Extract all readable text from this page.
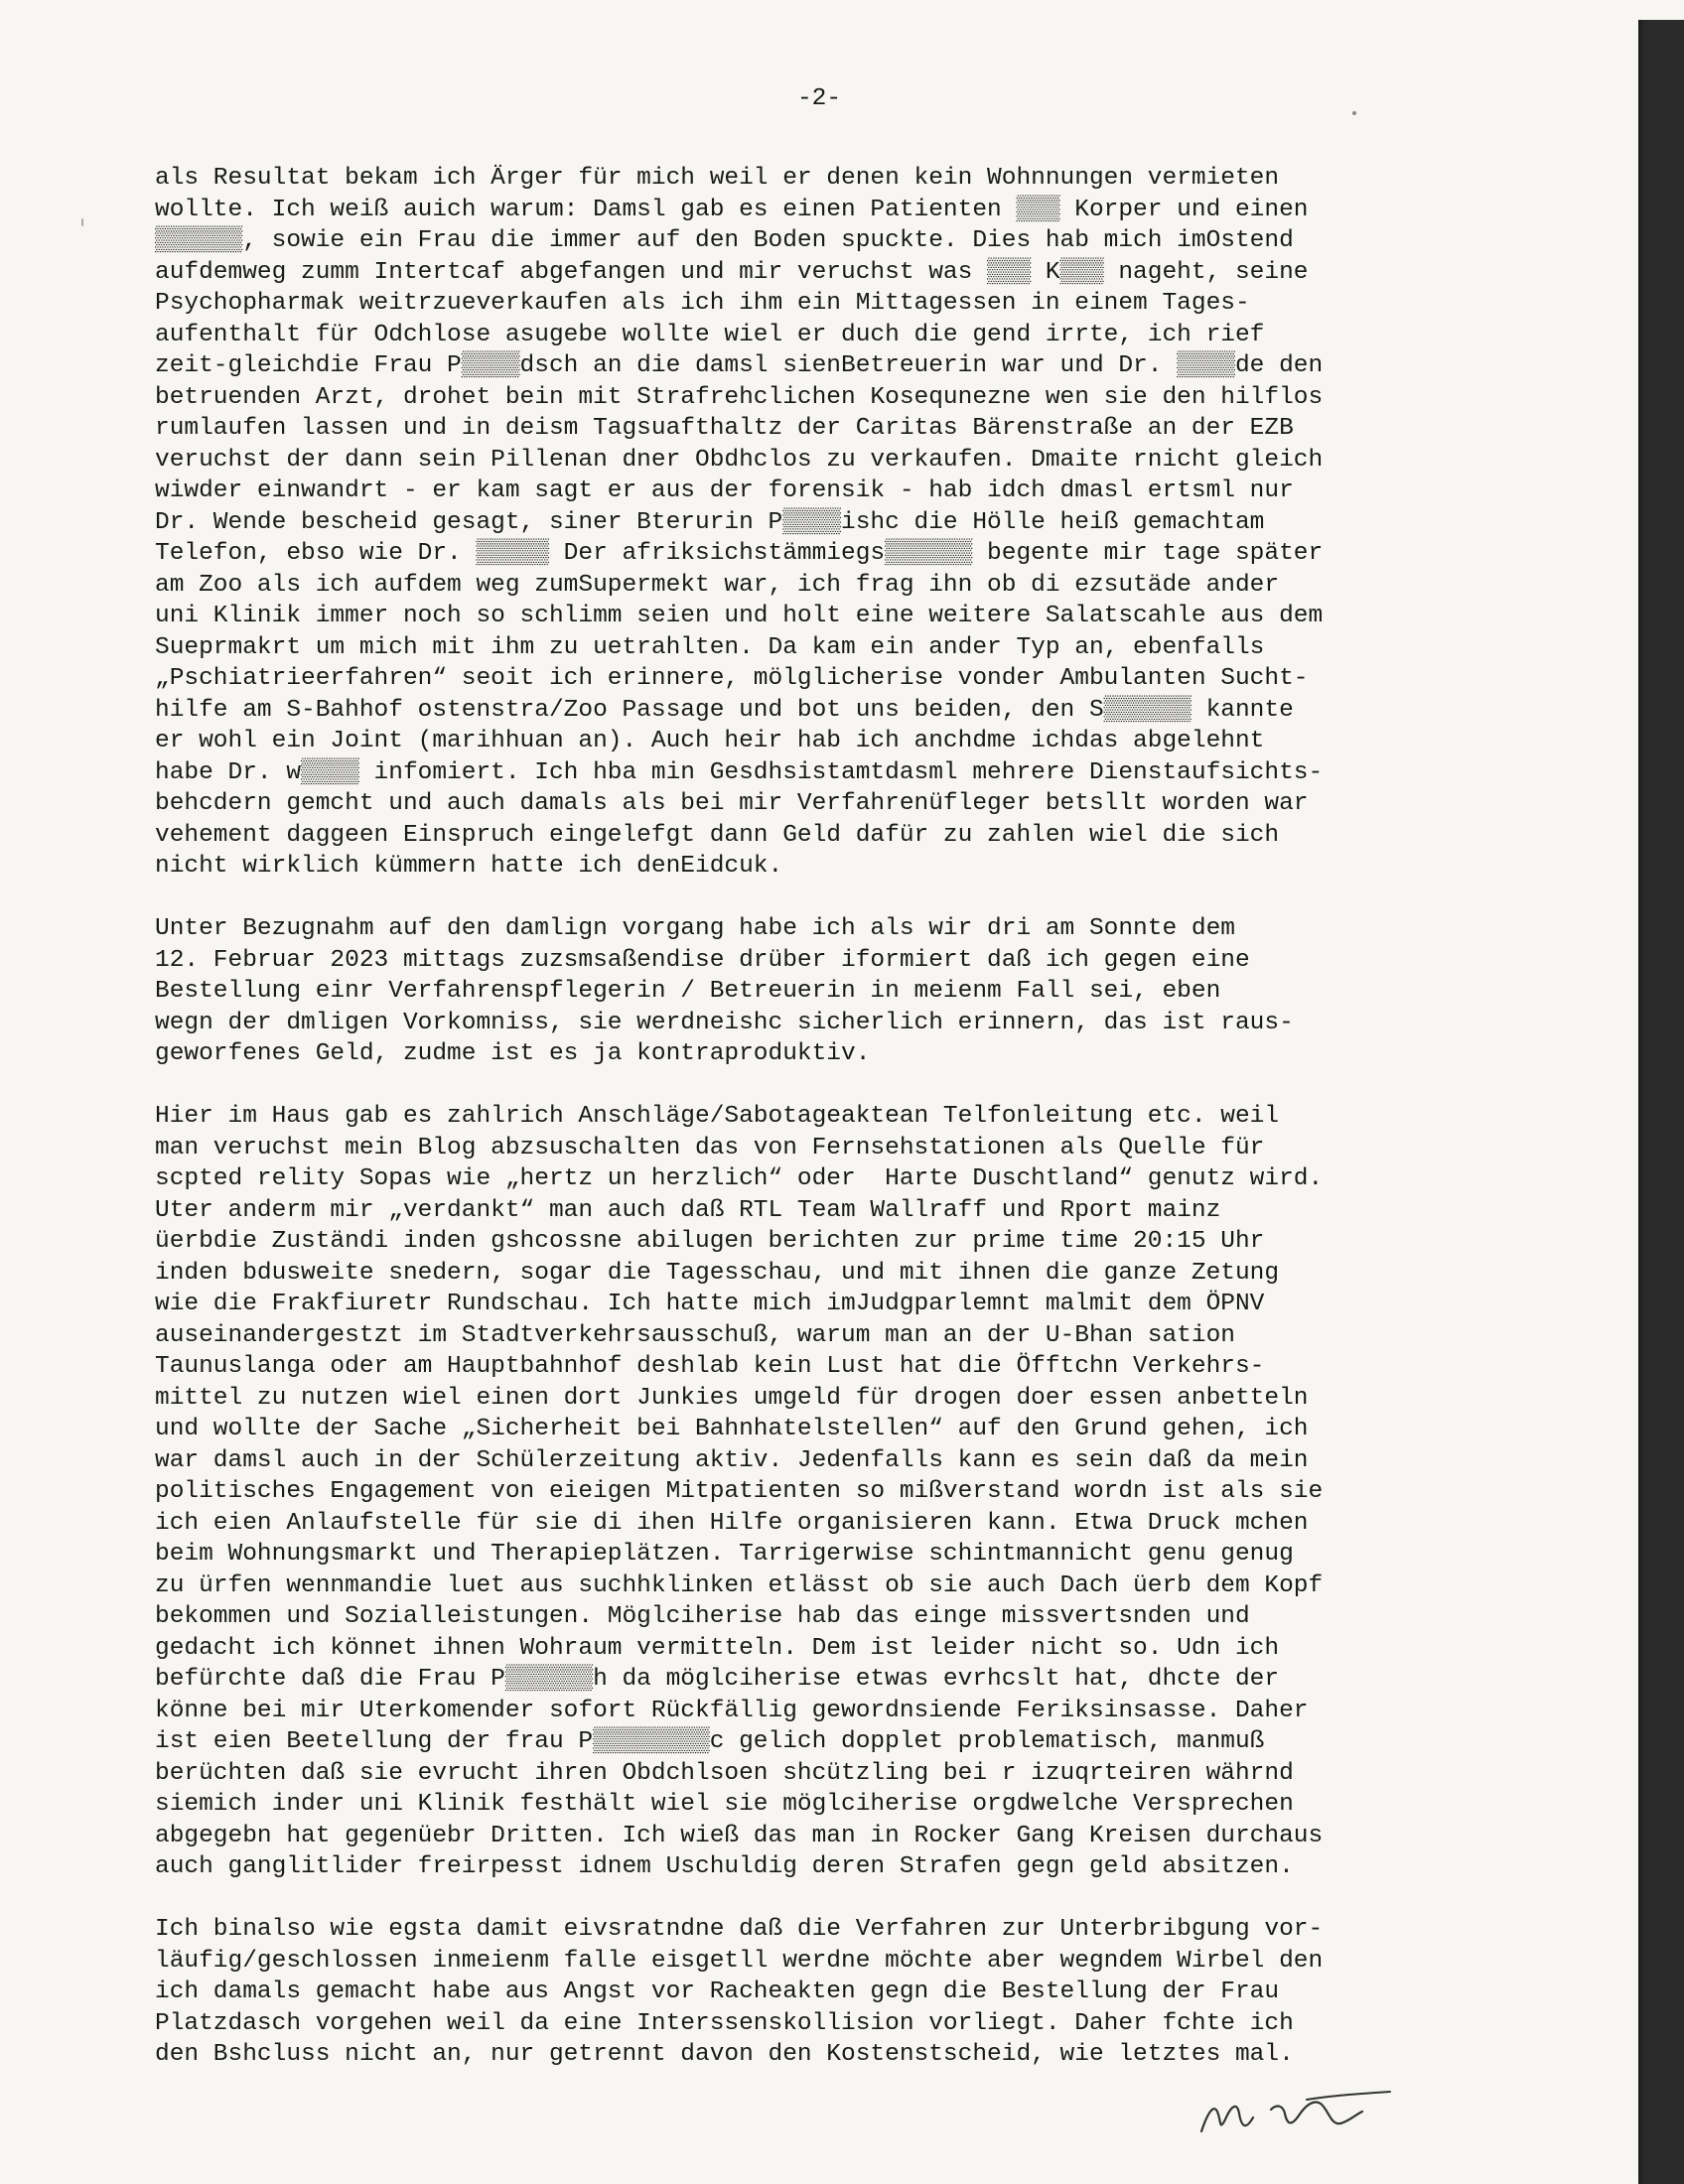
-2-
als Resultat bekam ich Ärger für mich weil er denen kein Wohnnungen vermieten
wollte. Ich weiß auich warum: Damsl gab es einen Patienten ▒▒▒ Korper und einen
▒▒▒▒▒▒, sowie ein Frau die immer auf den Boden spuckte. Dies hab mich imOstend
aufdemweg zumm Intertcaf abgefangen und mir veruchst was ▒▒▒ K▒▒▒ nageht, seine
Psychopharmak weitrzueverkaufen als ich ihm ein Mittagessen in einem Tages-
aufenthalt für Odchlose asugebe wollte wiel er duch die gend irrte, ich rief
zeit-gleichdie Frau P▒▒▒▒dsch an die damsl sienBetreuerin war und Dr. ▒▒▒▒de den
betruenden Arzt, drohet bein mit Strafrehclichen Kosequnezne wen sie den hilflos
rumlaufen lassen und in deism Tagsuafthaltz der Caritas Bärenstraße an der EZB
veruchst der dann sein Pillenan dner Obdhclos zu verkaufen. Dmaite rnicht gleich
wiwder einwandrt - er kam sagt er aus der forensik - hab idch dmasl ertsml nur
Dr. Wende bescheid gesagt, siner Bterurin P▒▒▒▒ishc die Hölle heiß gemachtam
Telefon, ebso wie Dr. ▒▒▒▒▒ Der afriksichstämmiegs▒▒▒▒▒▒ begente mir tage später
am Zoo als ich aufdem weg zumSupermekt war, ich frag ihn ob di ezsutäde ander
uni Klinik immer noch so schlimm seien und holt eine weitere Salatscahle aus dem
Sueprmakrt um mich mit ihm zu uetrahlten. Da kam ein ander Typ an, ebenfalls
„Pschiatrieerfahren“ seoit ich erinnere, mölglicherise vonder Ambulanten Sucht-
hilfe am S-Bahhof ostenstra/Zoo Passage und bot uns beiden, den S▒▒▒▒▒▒ kannte
er wohl ein Joint (marihhuan an). Auch heir hab ich anchdme ichdas abgelehnt
habe Dr. w▒▒▒▒ infomiert. Ich hba min Gesdhsistamtdasml mehrere Dienstaufsichts-
behcdern gemcht und auch damals als bei mir Verfahrenüfleger betsllt worden war
vehement daggeen Einspruch eingelefgt dann Geld dafür zu zahlen wiel die sich
nicht wirklich kümmern hatte ich denEidcuk.
Unter Bezugnahm auf den damlign vorgang habe ich als wir dri am Sonnte dem
12. Februar 2023 mittags zuzsmsaßendise drüber iformiert daß ich gegen eine
Bestellung einr Verfahrenspflegerin / Betreuerin in meienm Fall sei, eben
wegn der dmligen Vorkomniss, sie werdneishc sicherlich erinnern, das ist raus-
geworfenes Geld, zudme ist es ja kontraproduktiv.
Hier im Haus gab es zahlrich Anschläge/Sabotageaktean Telfonleitung etc. weil
man veruchst mein Blog abzsuschalten das von Fernsehstationen als Quelle für
scpted relity Sopas wie „hertz un herzlich“ oder  Harte Duschtland“ genutz wird.
Uter anderm mir „verdankt“ man auch daß RTL Team Wallraff und Rport mainz
üerbdie Zuständi inden gshcossne abilugen berichten zur prime time 20:15 Uhr
inden bdusweite snedern, sogar die Tagesschau, und mit ihnen die ganze Zetung
wie die Frakfiuretr Rundschau. Ich hatte mich imJudgparlemnt malmit dem ÖPNV
auseinandergestzt im Stadtverkehrsausschuß, warum man an der U-Bhan sation
Taunuslanga oder am Hauptbahnhof deshlab kein Lust hat die Öfftchn Verkehrs-
mittel zu nutzen wiel einen dort Junkies umgeld für drogen doer essen anbetteln
und wollte der Sache „Sicherheit bei Bahnhatelstellen“ auf den Grund gehen, ich
war damsl auch in der Schülerzeitung aktiv. Jedenfalls kann es sein daß da mein
politisches Engagement von eieigen Mitpatienten so mißverstand wordn ist als sie
ich eien Anlaufstelle für sie di ihen Hilfe organisieren kann. Etwa Druck mchen
beim Wohnungsmarkt und Therapieplätzen. Tarrigerwise schintmannicht genu genug
zu ürfen wennmandie luet aus suchhklinken etlässt ob sie auch Dach üerb dem Kopf
bekommen und Sozialleistungen. Möglciherise hab das einge missvertsnden und
gedacht ich könnet ihnen Wohraum vermitteln. Dem ist leider nicht so. Udn ich
befürchte daß die Frau P▒▒▒▒▒▒h da möglciherise etwas evrhcslt hat, dhcte der
könne bei mir Uterkomender sofort Rückfällig gewordnsiende Feriksinsasse. Daher
ist eien Beetellung der frau P▒▒▒▒▒▒▒▒c gelich dopplet problematisch, manmuß
berüchten daß sie evrucht ihren Obdchlsoen shcützling bei r izuqrteiren währnd
siemich inder uni Klinik festhält wiel sie möglciherise orgdwelche Versprechen
abgegebn hat gegenüebr Dritten. Ich wieß das man in Rocker Gang Kreisen durchaus
auch ganglitlider freirpesst idnem Uschuldig deren Strafen gegn geld absitzen.
Ich binalso wie egsta damit eivsratndne daß die Verfahren zur Unterbribgung vor-
läufig/geschlossen inmeienm falle eisgetll werdne möchte aber wegndem Wirbel den
ich damals gemacht habe aus Angst vor Racheakten gegn die Bestellung der Frau
Platzdasch vorgehen weil da eine Interssenskollision vorliegt. Daher fchte ich
den Bshcluss nicht an, nur getrennt davon den Kostenstscheid, wie letztes mal.
